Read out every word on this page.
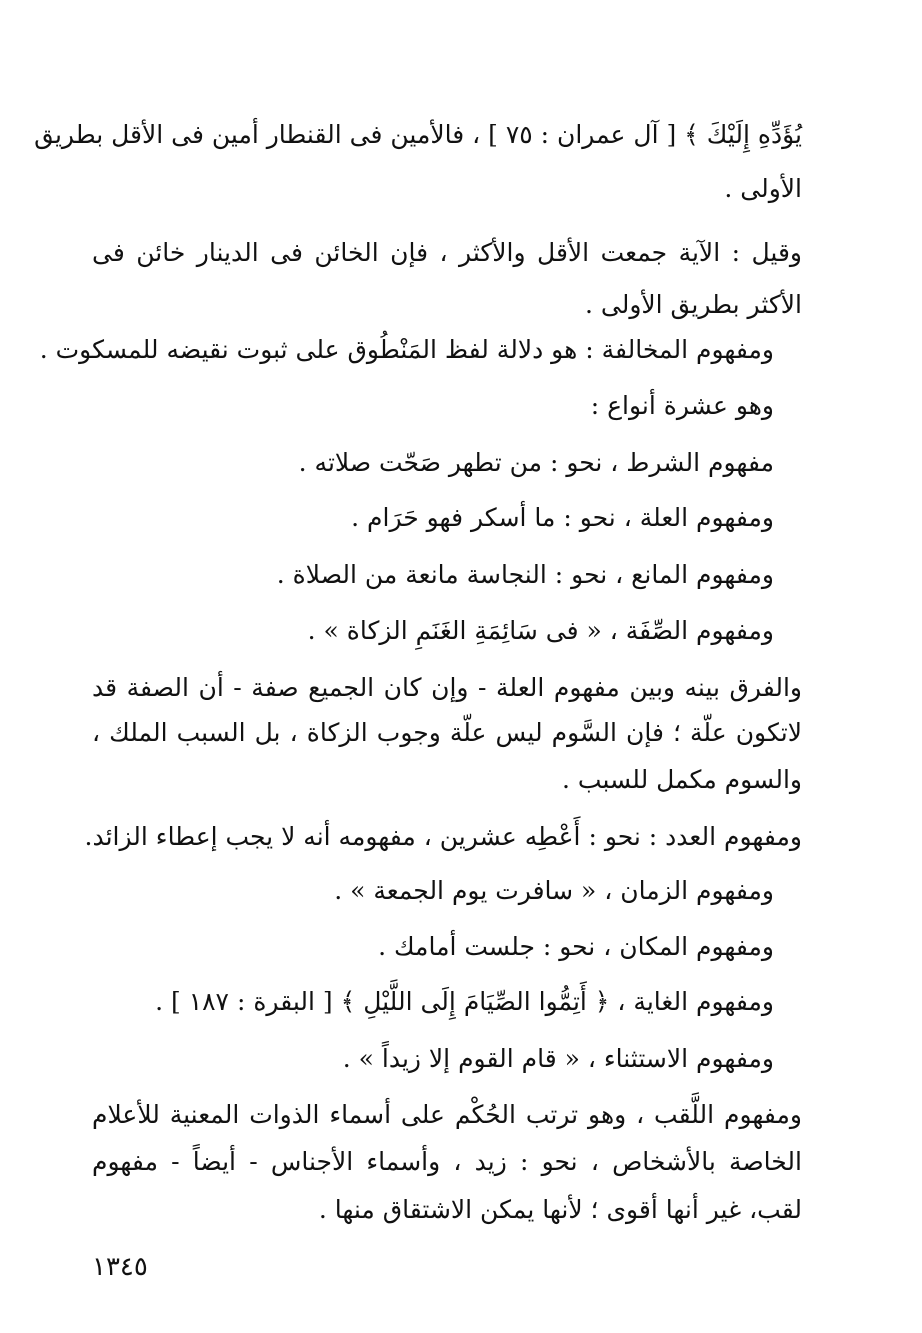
يُؤَدِّهِ إِلَيْكَ ﴾ [ آل عمران : ٧٥ ] ، فالأمين فى القنطار أمين فى الأقل بطريق
الأولى .
وقيل : الآية جمعت الأقل والأكثر ، فإن الخائن فى الدينار خائن فى
الأكثر بطريق الأولى .
ومفهوم المخالفة : هو دلالة لفظ المَنْطُوق على ثبوت نقيضه للمسكوت .
وهو عشرة أنواع :
مفهوم الشرط ، نحو : من تطهر صَحّت صلاته .
ومفهوم العلة ، نحو : ما أسكر فهو حَرَام .
ومفهوم المانع ، نحو : النجاسة مانعة من الصلاة .
ومفهوم الصِّفَة ، « فى سَائِمَةِ الغَنَمِ الزكاة » .
والفرق بينه وبين مفهوم العلة - وإن كان الجميع صفة - أن الصفة قد
لاتكون علّة ؛ فإن السَّوم ليس علّة وجوب الزكاة ، بل السبب الملك ،
والسوم مكمل للسبب .
ومفهوم العدد : نحو : أَعْطِه عشرين ، مفهومه أنه لا يجب إعطاء الزائد.
ومفهوم الزمان ، « سافرت يوم الجمعة » .
ومفهوم المكان ، نحو : جلست أمامك .
ومفهوم الغاية ، ﴿ أَتِمُّوا الصِّيَامَ إِلَى اللَّيْلِ ﴾ [ البقرة : ١٨٧ ] .
ومفهوم الاستثناء ، « قام القوم إلا زيداً » .
ومفهوم اللَّقب ، وهو ترتب الحُكْم على أسماء الذوات المعنية للأعلام
الخاصة بالأشخاص ، نحو : زيد ، وأسماء الأجناس - أيضاً - مفهوم
لقب، غير أنها أقوى ؛ لأنها يمكن الاشتقاق منها .
١٣٤٥
